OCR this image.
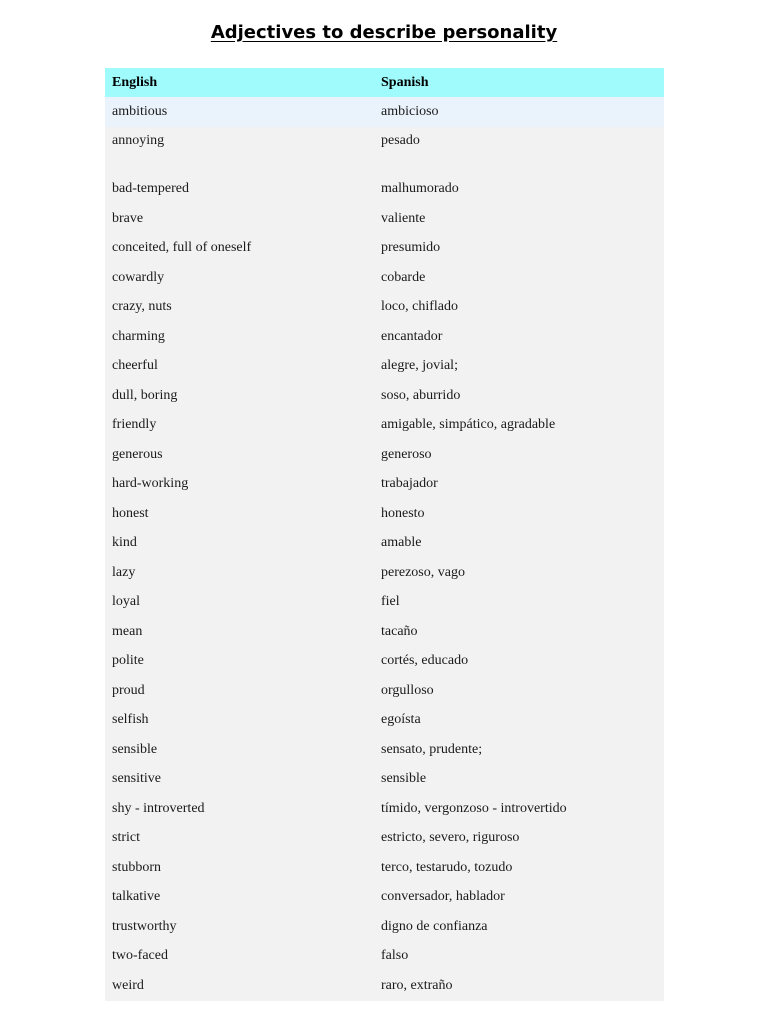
Adjectives to describe personality
English	Spanish
ambitious	ambicioso
annoying	pesado
bad-tempered	malhumorado
brave	valiente
conceited, full of oneself	presumido
cowardly	cobarde
crazy, nuts	loco, chiflado
charming	encantador
cheerful	alegre, jovial;
dull, boring	soso, aburrido
friendly	amigable, simpático, agradable
generous	generoso
hard-working	trabajador
honest	honesto
kind	amable
lazy	perezoso, vago
loyal	fiel
mean	tacaño
polite	cortés, educado
proud	orgulloso
selfish	egoísta
sensible	sensato, prudente;
sensitive	sensible
shy - introverted	tímido, vergonzoso - introvertido
strict	estricto, severo, riguroso
stubborn	terco, testarudo, tozudo
talkative	conversador, hablador
trustworthy	digno de confianza
two-faced	falso
weird	raro, extraño
